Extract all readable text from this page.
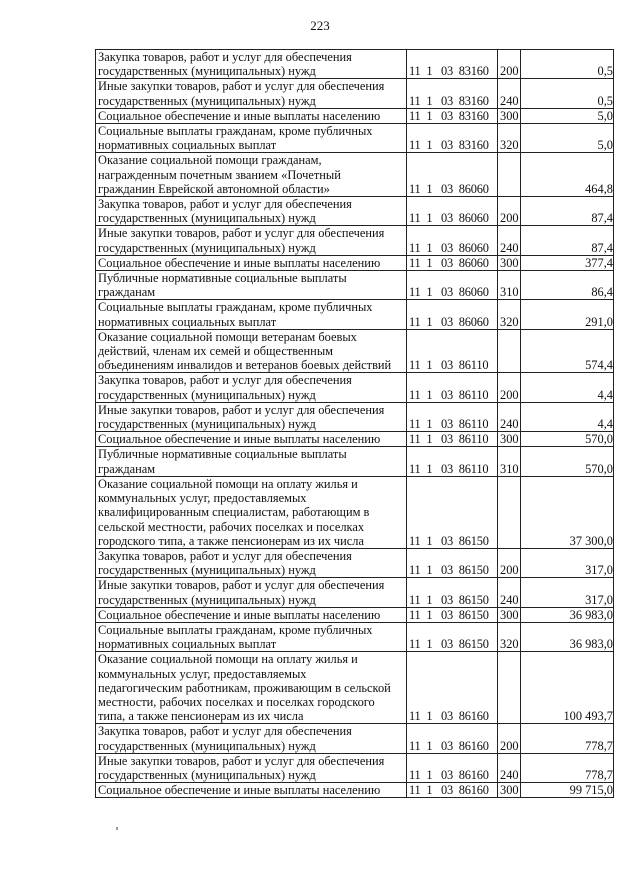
223
Закупка товаров, работ и услуг для обеспечения
государственных (муниципальных) нужд	11  1   03  83160	200	0,5

Иные закупки товаров, работ и услуг для обеспечения
государственных (муниципальных) нужд	11  1   03  83160	240	0,5

Социальное обеспечение и иные выплаты населению	11  1   03  83160	300	5,0

Социальные выплаты гражданам, кроме публичных
нормативных социальных выплат	11  1   03  83160	320	5,0

Оказание социальной помощи гражданам,
награжденным почетным званием «Почетный
гражданин Еврейской автономной области»	11  1   03  86060		464,8

Закупка товаров, работ и услуг для обеспечения
государственных (муниципальных) нужд	11  1   03  86060	200	87,4

Иные закупки товаров, работ и услуг для обеспечения
государственных (муниципальных) нужд	11  1   03  86060	240	87,4

Социальное обеспечение и иные выплаты населению	11  1   03  86060	300	377,4

Публичные нормативные социальные выплаты
гражданам	11  1   03  86060	310	86,4

Социальные выплаты гражданам, кроме публичных
нормативных социальных выплат	11  1   03  86060	320	291,0

Оказание социальной помощи ветеранам боевых
действий, членам их семей и общественным
объединениям инвалидов и ветеранов боевых действий	11  1   03  86110		574,4

Закупка товаров, работ и услуг для обеспечения
государственных (муниципальных) нужд	11  1   03  86110	200	4,4

Иные закупки товаров, работ и услуг для обеспечения
государственных (муниципальных) нужд	11  1   03  86110	240	4,4

Социальное обеспечение и иные выплаты населению	11  1   03  86110	300	570,0

Публичные нормативные социальные выплаты
гражданам	11  1   03  86110	310	570,0

Оказание социальной помощи на оплату жилья и
коммунальных услуг, предоставляемых
квалифицированным специалистам, работающим в
сельской местности, рабочих поселках и поселках
городского типа, а также пенсионерам из их числа	11  1   03  86150		37 300,0

Закупка товаров, работ и услуг для обеспечения
государственных (муниципальных) нужд	11  1   03  86150	200	317,0

Иные закупки товаров, работ и услуг для обеспечения
государственных (муниципальных) нужд	11  1   03  86150	240	317,0

Социальное обеспечение и иные выплаты населению	11  1   03  86150	300	36 983,0

Социальные выплаты гражданам, кроме публичных
нормативных социальных выплат	11  1   03  86150	320	36 983,0

Оказание социальной помощи на оплату жилья и
коммунальных услуг, предоставляемых
педагогическим работникам, проживающим в сельской
местности, рабочих поселках и поселках городского
типа, а также пенсионерам из их числа	11  1   03  86160		100 493,7

Закупка товаров, работ и услуг для обеспечения
государственных (муниципальных) нужд	11  1   03  86160	200	778,7

Иные закупки товаров, работ и услуг для обеспечения
государственных (муниципальных) нужд	11  1   03  86160	240	778,7

Социальное обеспечение и иные выплаты населению	11  1   03  86160	300	99 715,0
